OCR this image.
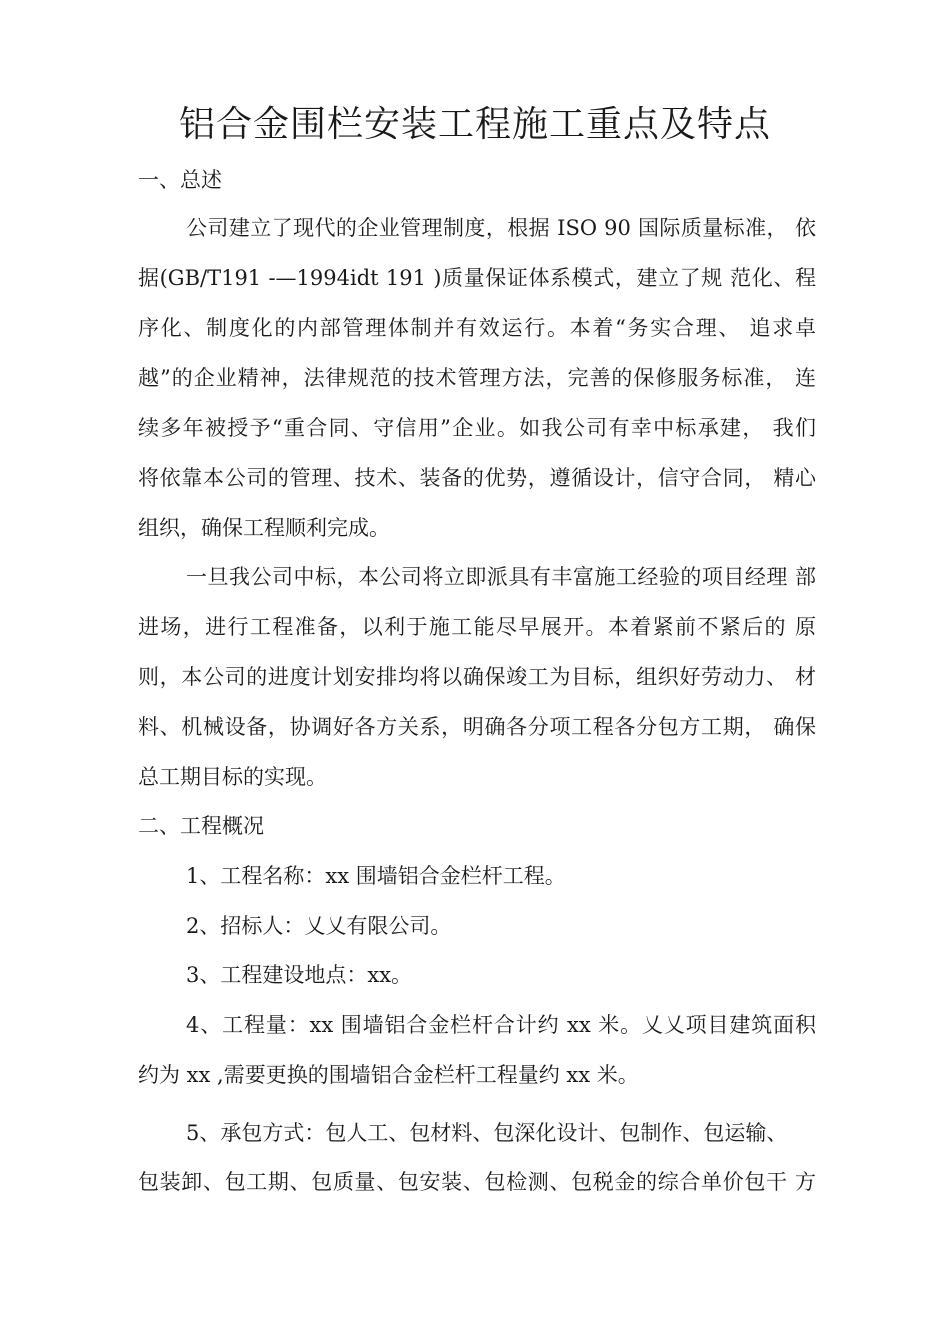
铝合金围栏安装工程施工重点及特点
一、总述
公司建立了现代的企业管理制度，根据 ISO 90 国际质量标准， 依
据(GB/T191 -—1994idt 191 )质量保证体系模式，建立了规 范化、程
序化、制度化的内部管理体制并有效运行。本着“务实合理、 追求卓
越”的企业精神，法律规范的技术管理方法，完善的保修服务标准， 连
续多年被授予“重合同、守信用”企业。如我公司有幸中标承建， 我们
将依靠本公司的管理、技术、装备的优势，遵循设计，信守合同， 精心
组织，确保工程顺利完成。
一旦我公司中标，本公司将立即派具有丰富施工经验的项目经理 部
进场，进行工程准备，以利于施工能尽早展开。本着紧前不紧后的 原
则，本公司的进度计划安排均将以确保竣工为目标，组织好劳动力、 材
料、机械设备，协调好各方关系，明确各分项工程各分包方工期， 确保
总工期目标的实现。
二、工程概况
1、工程名称：xx 围墙铝合金栏杆工程。
2、招标人：乂乂有限公司。
3、工程建设地点：xx。
4、工程量：xx 围墙铝合金栏杆合计约 xx 米。乂乂项目建筑面积
约为 xx ,需要更换的围墙铝合金栏杆工程量约 xx 米。
5、承包方式：包人工、包材料、包深化设计、包制作、包运输、
包装卸、包工期、包质量、包安装、包检测、包税金的综合单价包干 方
